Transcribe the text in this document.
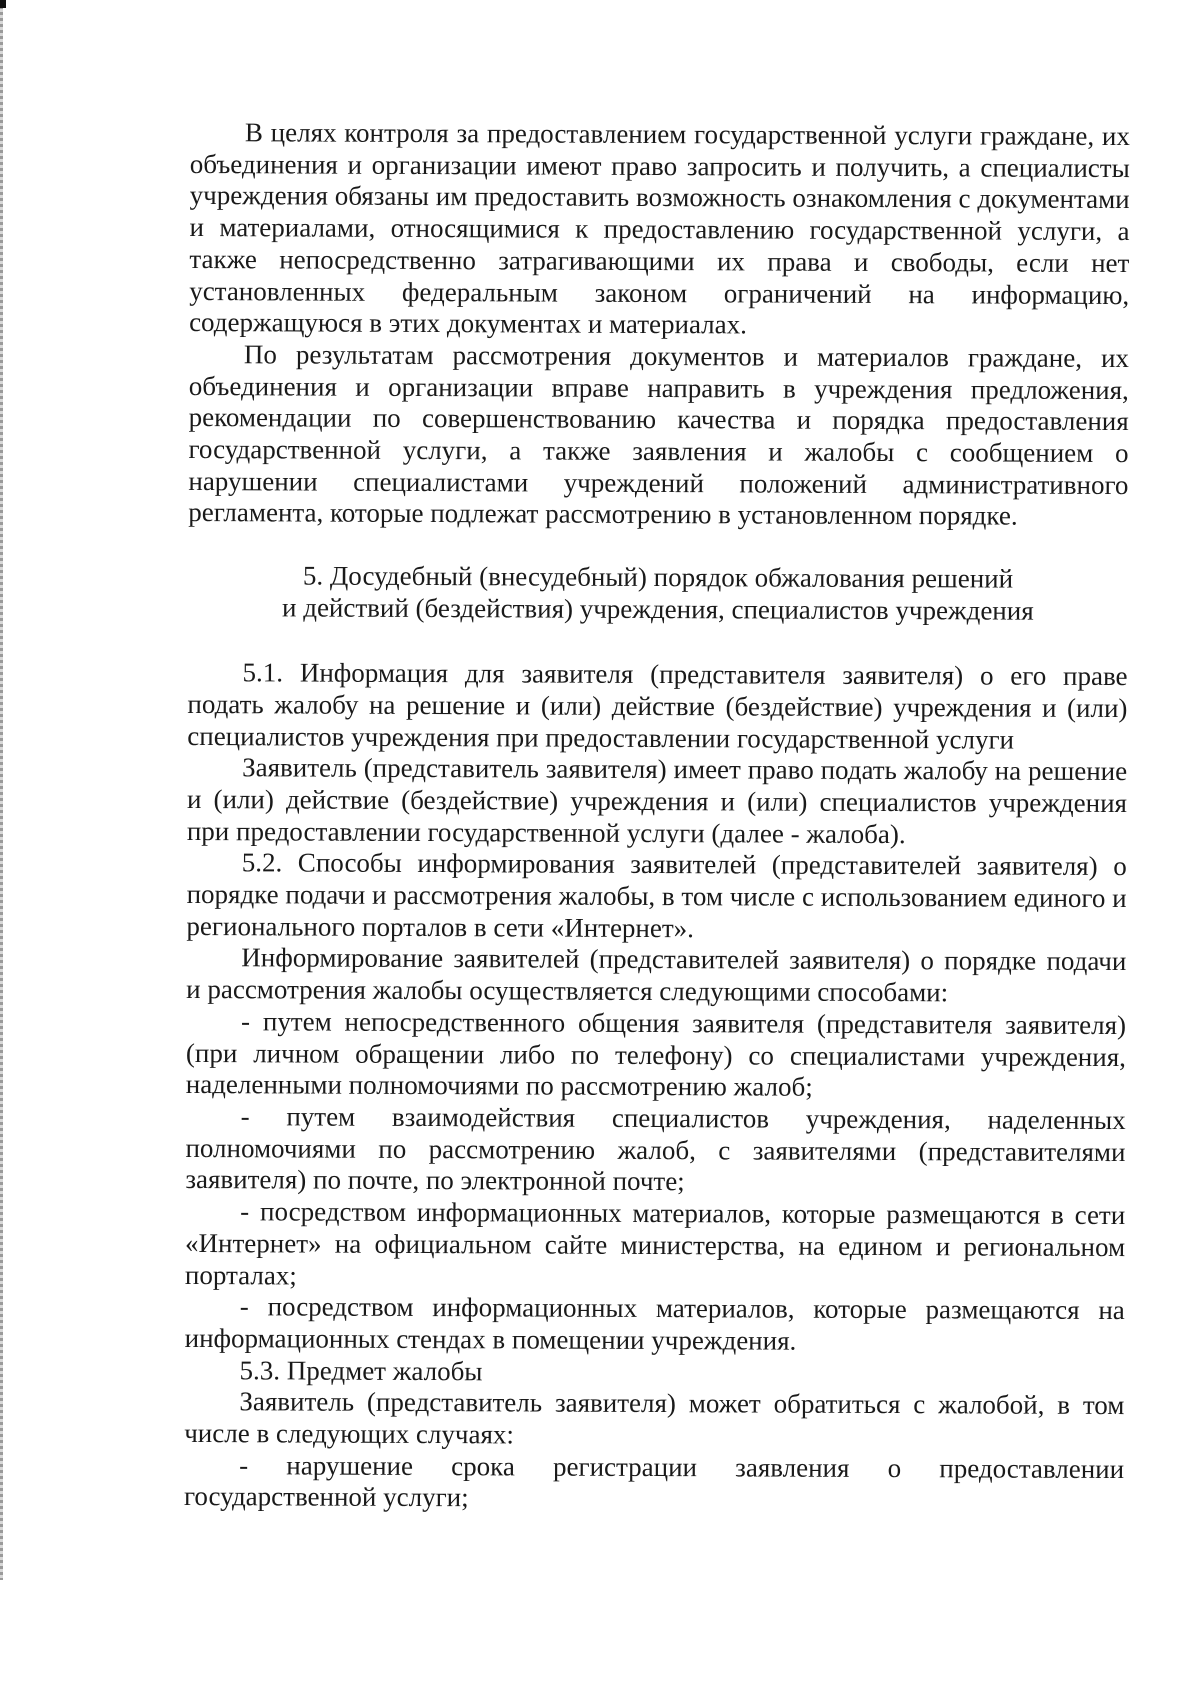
В целях контроля за предоставлением государственной услуги граждане, их объединения и организации имеют право запросить и получить, а специалисты учреждения обязаны им предоставить возможность ознакомления с документами и материалами, относящимися к предоставлению государственной услуги, а также непосредственно затрагивающими их права и свободы, если нет установленных федеральным законом ограничений на информацию, содержащуюся в этих документах и материалах.

По результатам рассмотрения документов и материалов граждане, их объединения и организации вправе направить в учреждения предложения, рекомендации по совершенствованию качества и порядка предоставления государственной услуги, а также заявления и жалобы с сообщением о нарушении специалистами учреждений положений административного регламента, которые подлежат рассмотрению в установленном порядке.

5. Досудебный (внесудебный) порядок обжалования решений
и действий (бездействия) учреждения, специалистов учреждения

5.1. Информация для заявителя (представителя заявителя) о его праве подать жалобу на решение и (или) действие (бездействие) учреждения и (или) специалистов учреждения при предоставлении государственной услуги

Заявитель (представитель заявителя) имеет право подать жалобу на решение и (или) действие (бездействие) учреждения и (или) специалистов учреждения при предоставлении государственной услуги (далее - жалоба).

5.2. Способы информирования заявителей (представителей заявителя) о порядке подачи и рассмотрения жалобы, в том числе с использованием единого и регионального порталов в сети «Интернет».

Информирование заявителей (представителей заявителя) о порядке подачи и рассмотрения жалобы осуществляется следующими способами:

- путем непосредственного общения заявителя (представителя заявителя) (при личном обращении либо по телефону) со специалистами учреждения, наделенными полномочиями по рассмотрению жалоб;

- путем взаимодействия специалистов учреждения, наделенных полномочиями по рассмотрению жалоб, с заявителями (представителями заявителя) по почте, по электронной почте;

- посредством информационных материалов, которые размещаются в сети «Интернет» на официальном сайте министерства, на едином и региональном порталах;

- посредством информационных материалов, которые размещаются на информационных стендах в помещении учреждения.

5.3. Предмет жалобы

Заявитель (представитель заявителя) может обратиться с жалобой, в том числе в следующих случаях:

- нарушение срока регистрации заявления о предоставлении государственной услуги;
